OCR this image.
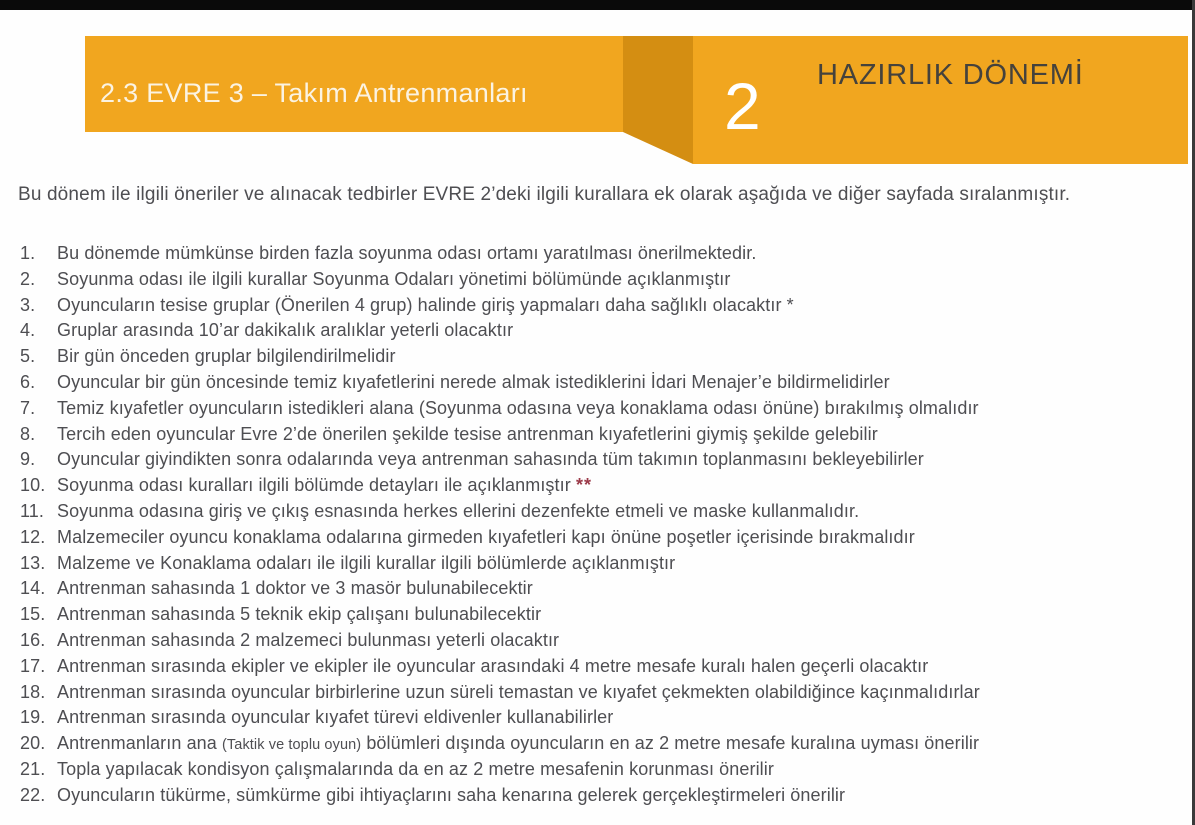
2.3 EVRE 3 – Takım Antrenmanları	2 HAZIRLIK DÖNEMİ

Bu dönem ile ilgili öneriler ve alınacak tedbirler EVRE 2’deki ilgili kurallara ek olarak aşağıda ve diğer sayfada sıralanmıştır.

1. Bu dönemde mümkünse birden fazla soyunma odası ortamı yaratılması önerilmektedir.
2. Soyunma odası ile ilgili kurallar Soyunma Odaları yönetimi bölümünde açıklanmıştır
3. Oyuncuların tesise gruplar (Önerilen 4 grup) halinde giriş yapmaları daha sağlıklı olacaktır *
4. Gruplar arasında 10’ar dakikalık aralıklar yeterli olacaktır
5. Bir gün önceden gruplar bilgilendirilmelidir
6. Oyuncular bir gün öncesinde temiz kıyafetlerini nerede almak istediklerini İdari Menajer’e bildirmelidirler
7. Temiz kıyafetler oyuncuların istedikleri alana (Soyunma odasına veya konaklama odası önüne) bırakılmış olmalıdır
8. Tercih eden oyuncular Evre 2’de önerilen şekilde tesise antrenman kıyafetlerini giymiş şekilde gelebilir
9. Oyuncular giyindikten sonra odalarında veya antrenman sahasında tüm takımın toplanmasını bekleyebilirler
10. Soyunma odası kuralları ilgili bölümde detayları ile açıklanmıştır **
11. Soyunma odasına giriş ve çıkış esnasında herkes ellerini dezenfekte etmeli ve maske kullanmalıdır.
12. Malzemeciler oyuncu konaklama odalarına girmeden kıyafetleri kapı önüne poşetler içerisinde bırakmalıdır
13. Malzeme ve Konaklama odaları ile ilgili kurallar ilgili bölümlerde açıklanmıştır
14. Antrenman sahasında 1 doktor ve 3 masör bulunabilecektir
15. Antrenman sahasında 5 teknik ekip çalışanı bulunabilecektir
16. Antrenman sahasında 2 malzemeci bulunması yeterli olacaktır
17. Antrenman sırasında ekipler ve ekipler ile oyuncular arasındaki 4 metre mesafe kuralı halen geçerli olacaktır
18. Antrenman sırasında oyuncular birbirlerine uzun süreli temastan ve kıyafet çekmekten olabildiğince kaçınmalıdırlar
19. Antrenman sırasında oyuncular kıyafet türevi eldivenler kullanabilirler
20. Antrenmanların ana (Taktik ve toplu oyun) bölümleri dışında oyuncuların en az 2 metre mesafe kuralına uyması önerilir
21. Topla yapılacak kondisyon çalışmalarında da en az 2 metre mesafenin korunması önerilir
22. Oyuncuların tükürme, sümkürme gibi ihtiyaçlarını saha kenarına gelerek gerçekleştirmeleri önerilir
